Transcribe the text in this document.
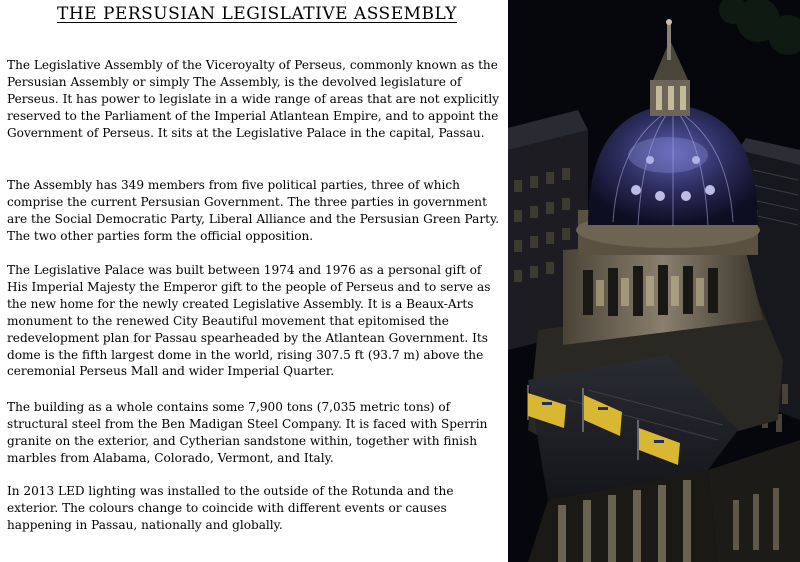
THE PERSUSIAN LEGISLATIVE ASSEMBLY

The Legislative Assembly of the Viceroyalty of Perseus, commonly known as the Persusian Assembly or simply The Assembly, is the devolved legislature of Perseus. It has power to legislate in a wide range of areas that are not explicitly reserved to the Parliament of the Imperial Atlantean Empire, and to appoint the Government of Perseus. It sits at the Legislative Palace in the capital, Passau.

The Assembly has 349 members from five political parties, three of which comprise the current Persusian Government. The three parties in government are the Social Democratic Party, Liberal Alliance and the Persusian Green Party. The two other parties form the official opposition.

The Legislative Palace was built between 1974 and 1976 as a personal gift of His Imperial Majesty the Emperor gift to the people of Perseus and to serve as the new home for the newly created Legislative Assembly. It is a Beaux-Arts monument to the renewed City Beautiful movement that epitomised the redevelopment plan for Passau spearheaded by the Atlantean Government. Its dome is the fifth largest dome in the world, rising 307.5 ft (93.7 m) above the ceremonial Perseus Mall and wider Imperial Quarter.

The building as a whole contains some 7,900 tons (7,035 metric tons) of structural steel from the Ben Madigan Steel Company. It is faced with Sperrin granite on the exterior, and Cytherian sandstone within, together with finish marbles from Alabama, Colorado, Vermont, and Italy.

In 2013 LED lighting was installed to the outside of the Rotunda and the exterior. The colours change to coincide with different events or causes happening in Passau, nationally and globally.
